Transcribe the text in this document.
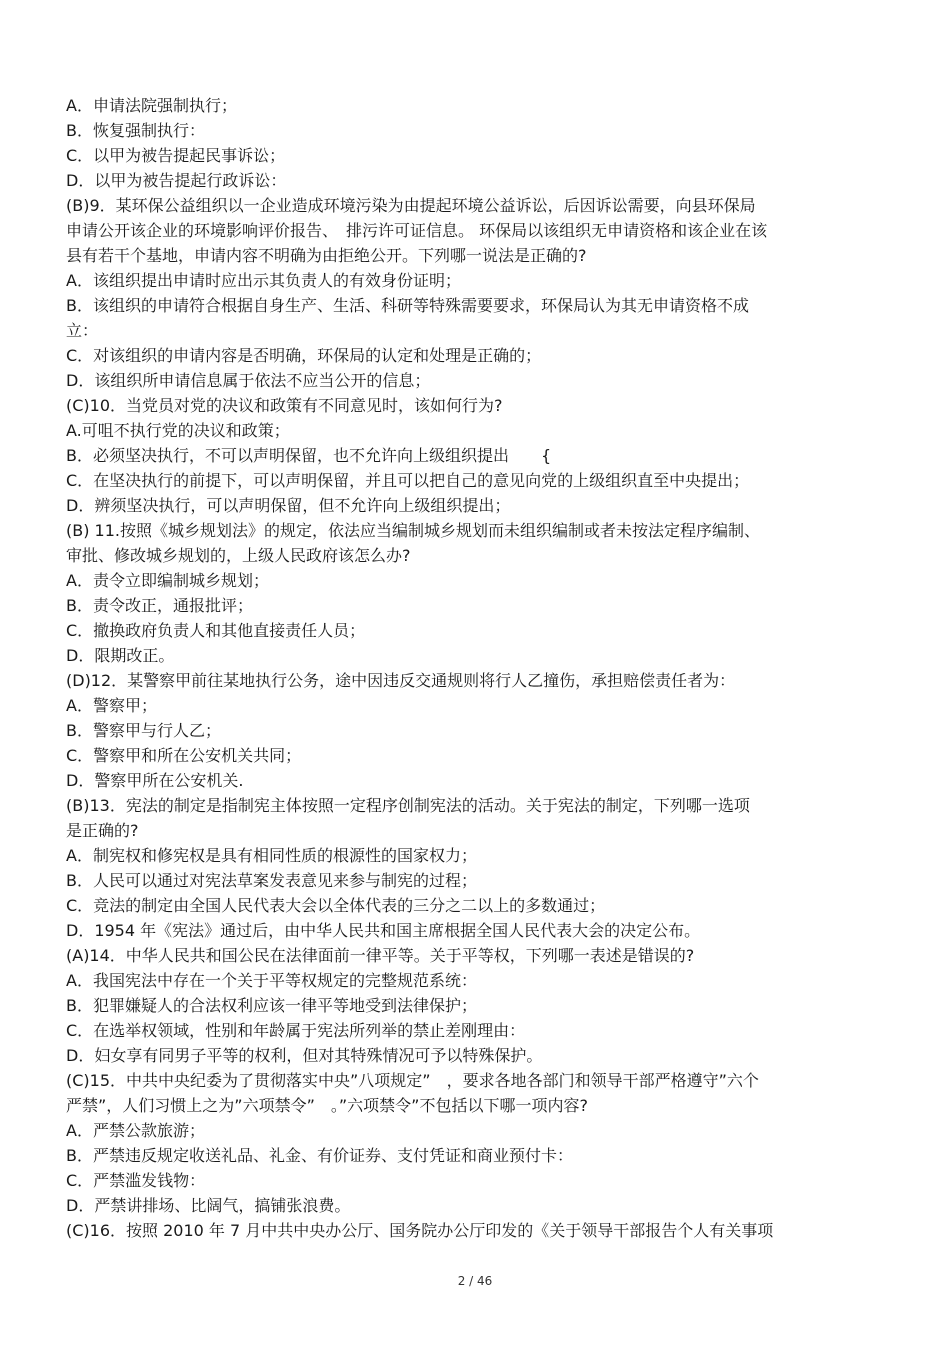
A．申请法院强制执行；
B．恢复强制执行：
C．以甲为被告提起民事诉讼；
D．以甲为被告提起行政诉讼：
(B)9．某环保公益组织以一企业造成环境污染为由提起环境公益诉讼，后因诉讼需要，向县环保局
申请公开该企业的环境影响评价报告、　排污许可证信息。 环保局以该组织无申请资格和该企业在该
县有若干个基地，申请内容不明确为由拒绝公开。下列哪一说法是正确的?
A．该组织提出申请时应出示其负责人的有效身份证明；
B．该组织的申请符合根据自身生产、生活、科研等特殊需要要求，环保局认为其无申请资格不成
立：
C．对该组织的申请内容是否明确，环保局的认定和处理是正确的；
D．该组织所申请信息属于依法不应当公开的信息；
(C)10．当党员对党的决议和政策有不同意见时，该如何行为?
A.可咀不执行党的决议和政策；
B．必须坚决执行，不可以声明保留，也不允许向上级组织提出　　{
C．在坚决执行的前提下，可以声明保留，并且可以把自己的意见向党的上级组织直至中央提出；
D．辨须坚决执行，可以声明保留，但不允许向上级组织提出；
(B) 11.按照《城乡规划法》的规定，依法应当编制城乡规划而未组织编制或者未按法定程序编制、
审批、修改城乡规划的，上级人民政府该怎么办?
A．责令立即编制城乡规划；
B．责令改正，通报批评；
C．撤换政府负责人和其他直接责任人员；
D．限期改正。
(D)12．某警察甲前往某地执行公务，途中因违反交通规则将行人乙撞伤，承担赔偿责任者为：
A．警察甲；
B．警察甲与行人乙；
C．警察甲和所在公安机关共同；
D．警察甲所在公安机关.
(B)13．宪法的制定是指制宪主体按照一定程序创制宪法的活动。关于宪法的制定，下列哪一选项
是正确的?
A．制宪权和修宪权是具有相同性质的根源性的国家权力；
B．人民可以通过对宪法草案发表意见来参与制宪的过程；
C．竞法的制定由全国人民代表大会以全体代表的三分之二以上的多数通过；
D．1954 年《宪法》通过后，由中华人民共和国主席根据全国人民代表大会的决定公布。
(A)14．中华人民共和国公民在法律面前一律平等。关于平等权，下列哪一表述是错误的?
A．我国宪法中存在一个关于平等权规定的完整规范系统：
B．犯罪嫌疑人的合法权利应该一律平等地受到法律保护；
C．在选举权领域，性别和年龄属于宪法所列举的禁止差刚理由：
D．妇女享有同男子平等的权利，但对其特殊情况可予以特殊保护。
(C)15．中共中央纪委为了贯彻落实中央”八项规定”　，要求各地各部门和领导干部严格遵守”六个
严禁”，人们习惯上之为”六项禁令”　。”六项禁令”不包括以下哪一项内容?
A．严禁公款旅游；
B．严禁违反规定收送礼品、礼金、有价证券、支付凭证和商业预付卡：
C．严禁滥发钱物：
D．严禁讲排场、比阔气，搞铺张浪费。
(C)16．按照 2010 年 7 月中共中央办公厅、国务院办公厅印发的《关于领导干部报告个人有关事项
2 / 46
